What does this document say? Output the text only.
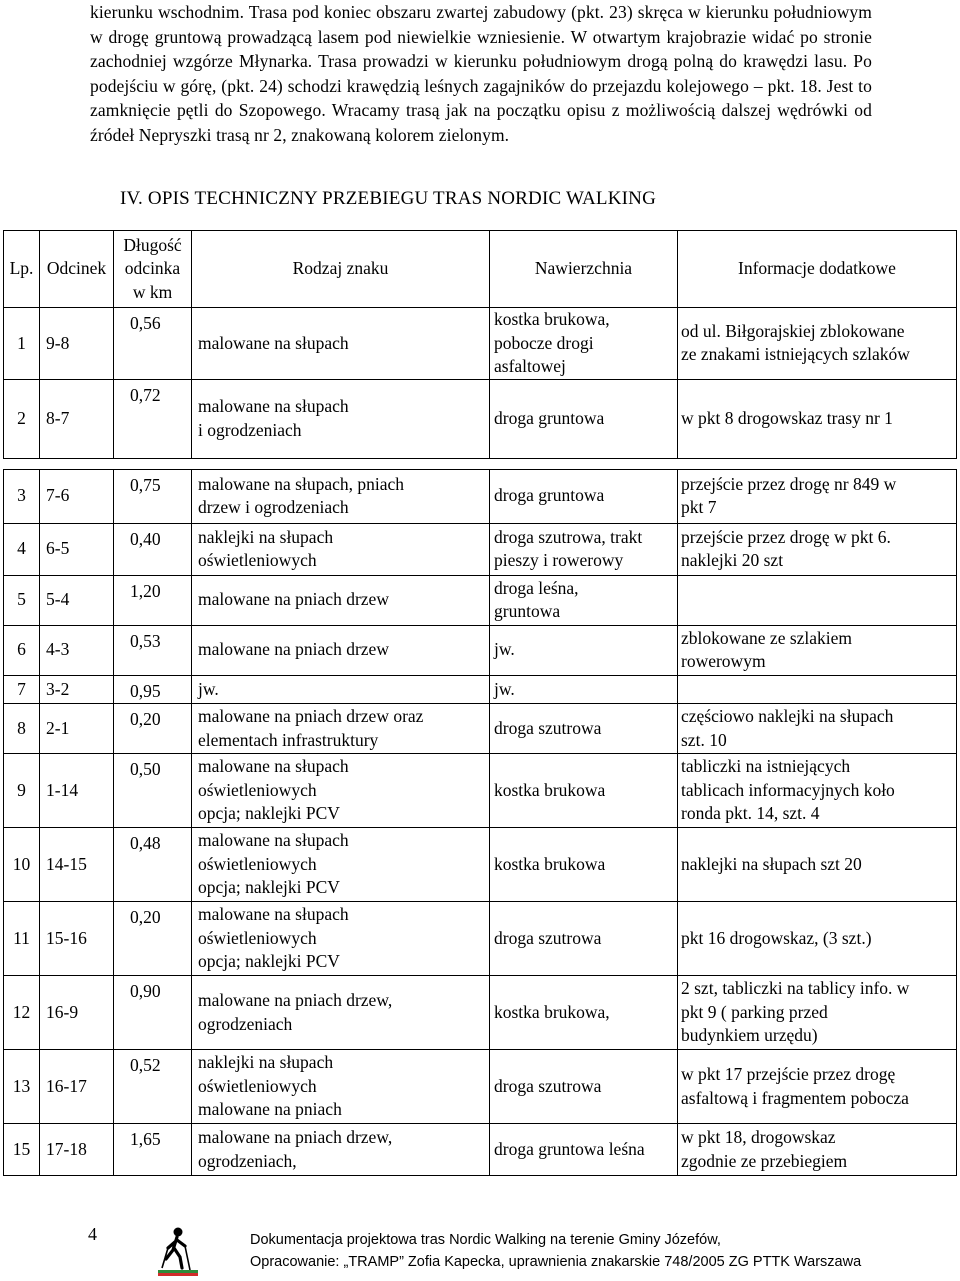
kierunku wschodnim. Trasa pod koniec obszaru zwartej zabudowy (pkt. 23) skręca w kierunku południowym w drogę gruntową prowadzącą lasem pod niewielkie wzniesienie. W otwartym krajobrazie widać po stronie zachodniej wzgórze Młynarka. Trasa prowadzi w kierunku południowym drogą polną do krawędzi lasu. Po podejściu w górę, (pkt. 24) schodzi krawędzią leśnych zagajników do przejazdu kolejowego – pkt. 18. Jest to zamknięcie pętli do Szopowego. Wracamy trasą jak na początku opisu z możliwością dalszej wędrówki od źródeł Nepryszki trasą nr 2, znakowaną kolorem zielonym.

IV. OPIS TECHNICZNY PRZEBIEGU TRAS NORDIC WALKING
Lp.	Odcinek	Długość
odcinka
w km	Rodzaj znaku	Nawierzchnia	Informacje dodatkowe

1	9-8	0,56	malowane na słupach	kostka brukowa,
pobocze drogi
asfaltowej	od ul. Biłgorajskiej zblokowane
ze znakami istniejących szlaków

2	8-7	0,72	malowane na słupach
i ogrodzeniach	droga gruntowa	w pkt 8 drogowskaz trasy nr 1

3	7-6	0,75	malowane na słupach, pniach
drzew i ogrodzeniach	droga gruntowa	przejście przez drogę nr 849 w
pkt 7

4	6-5	0,40	naklejki na słupach
oświetleniowych	droga szutrowa, trakt
pieszy i rowerowy	przejście przez drogę w pkt 6.
naklejki 20 szt

5	5-4	1,20	malowane na pniach drzew	droga leśna,
gruntowa	

6	4-3	0,53	malowane na pniach drzew	jw.	zblokowane ze szlakiem
rowerowym

7	3-2	0,95	jw.	jw.	

8	2-1	0,20	malowane na pniach drzew oraz
elementach infrastruktury	droga szutrowa	częściowo naklejki na słupach
szt. 10

9	1-14	0,50	malowane na słupach
oświetleniowych
opcja; naklejki PCV	kostka brukowa	tabliczki na istniejących
tablicach informacyjnych koło
ronda pkt. 14, szt. 4

10	14-15	0,48	malowane na słupach
oświetleniowych
opcja; naklejki PCV	kostka brukowa	naklejki na słupach szt 20

11	15-16	0,20	malowane na słupach
oświetleniowych
opcja; naklejki PCV	droga szutrowa	pkt 16 drogowskaz, (3 szt.)

12	16-9	0,90	malowane na pniach drzew,
ogrodzeniach	kostka brukowa,	2 szt, tabliczki na tablicy info. w
pkt 9 ( parking przed
budynkiem urzędu)

13	16-17	0,52	naklejki na słupach
oświetleniowych
malowane na pniach	droga szutrowa	w pkt 17 przejście przez drogę
asfaltową i fragmentem pobocza

15	17-18	1,65	malowane na pniach drzew,
ogrodzeniach,	droga gruntowa leśna	w pkt 18, drogowskaz
zgodnie ze przebiegiem
4	Dokumentacja projektowa tras Nordic Walking na terenie Gminy Józefów,
Opracowanie: „TRAMP” Zofia Kapecka, uprawnienia znakarskie 748/2005 ZG PTTK Warszawa
